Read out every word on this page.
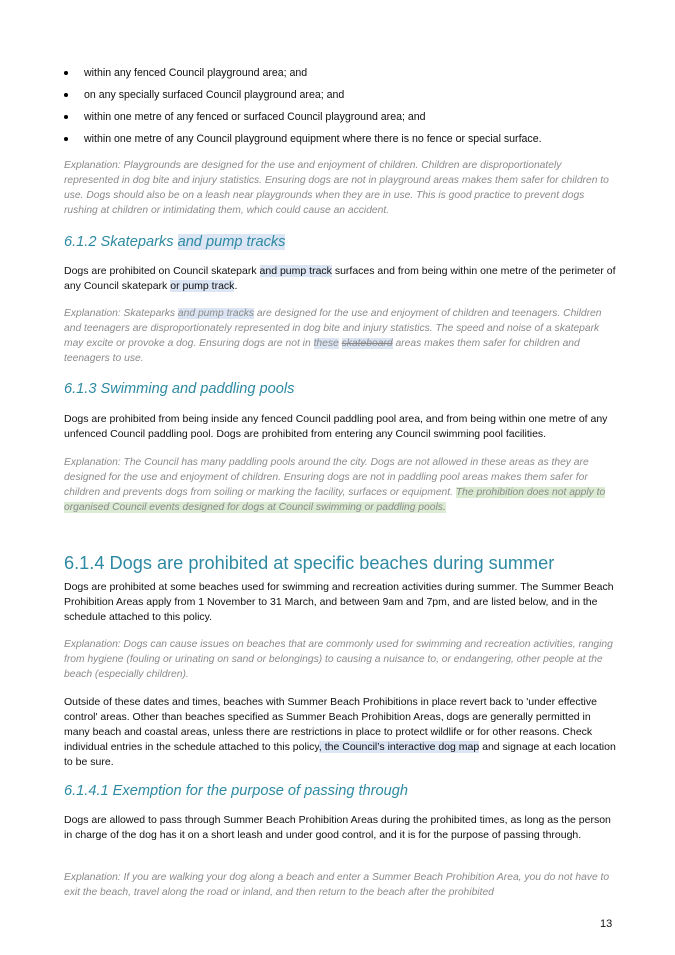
within any fenced Council playground area; and
on any specially surfaced Council playground area; and
within one metre of any fenced or surfaced Council playground area; and
within one metre of any Council playground equipment where there is no fence or special surface.
Explanation: Playgrounds are designed for the use and enjoyment of children. Children are disproportionately represented in dog bite and injury statistics. Ensuring dogs are not in playground areas makes them safer for children to use. Dogs should also be on a leash near playgrounds when they are in use. This is good practice to prevent dogs rushing at children or intimidating them, which could cause an accident.
6.1.2 Skateparks and pump tracks
Dogs are prohibited on Council skatepark and pump track surfaces and from being within one metre of the perimeter of any Council skatepark or pump track.
Explanation: Skateparks and pump tracks are designed for the use and enjoyment of children and teenagers. Children and teenagers are disproportionately represented in dog bite and injury statistics. The speed and noise of a skatepark may excite or provoke a dog. Ensuring dogs are not in these skateboard areas makes them safer for children and teenagers to use.
6.1.3 Swimming and paddling pools
Dogs are prohibited from being inside any fenced Council paddling pool area, and from being within one metre of any unfenced Council paddling pool. Dogs are prohibited from entering any Council swimming pool facilities.
Explanation: The Council has many paddling pools around the city. Dogs are not allowed in these areas as they are designed for the use and enjoyment of children. Ensuring dogs are not in paddling pool areas makes them safer for children and prevents dogs from soiling or marking the facility, surfaces or equipment. The prohibition does not apply to organised Council events designed for dogs at Council swimming or paddling pools.
6.1.4 Dogs are prohibited at specific beaches during summer
Dogs are prohibited at some beaches used for swimming and recreation activities during summer. The Summer Beach Prohibition Areas apply from 1 November to 31 March, and between 9am and 7pm, and are listed below, and in the schedule attached to this policy.
Explanation: Dogs can cause issues on beaches that are commonly used for swimming and recreation activities, ranging from hygiene (fouling or urinating on sand or belongings) to causing a nuisance to, or endangering, other people at the beach (especially children).
Outside of these dates and times, beaches with Summer Beach Prohibitions in place revert back to 'under effective control' areas. Other than beaches specified as Summer Beach Prohibition Areas, dogs are generally permitted in many beach and coastal areas, unless there are restrictions in place to protect wildlife or for other reasons. Check individual entries in the schedule attached to this policy, the Council’s interactive dog map and signage at each location to be sure.
6.1.4.1 Exemption for the purpose of passing through
Dogs are allowed to pass through Summer Beach Prohibition Areas during the prohibited times, as long as the person in charge of the dog has it on a short leash and under good control, and it is for the purpose of passing through.
Explanation: If you are walking your dog along a beach and enter a Summer Beach Prohibition Area, you do not have to exit the beach, travel along the road or inland, and then return to the beach after the prohibited
13
